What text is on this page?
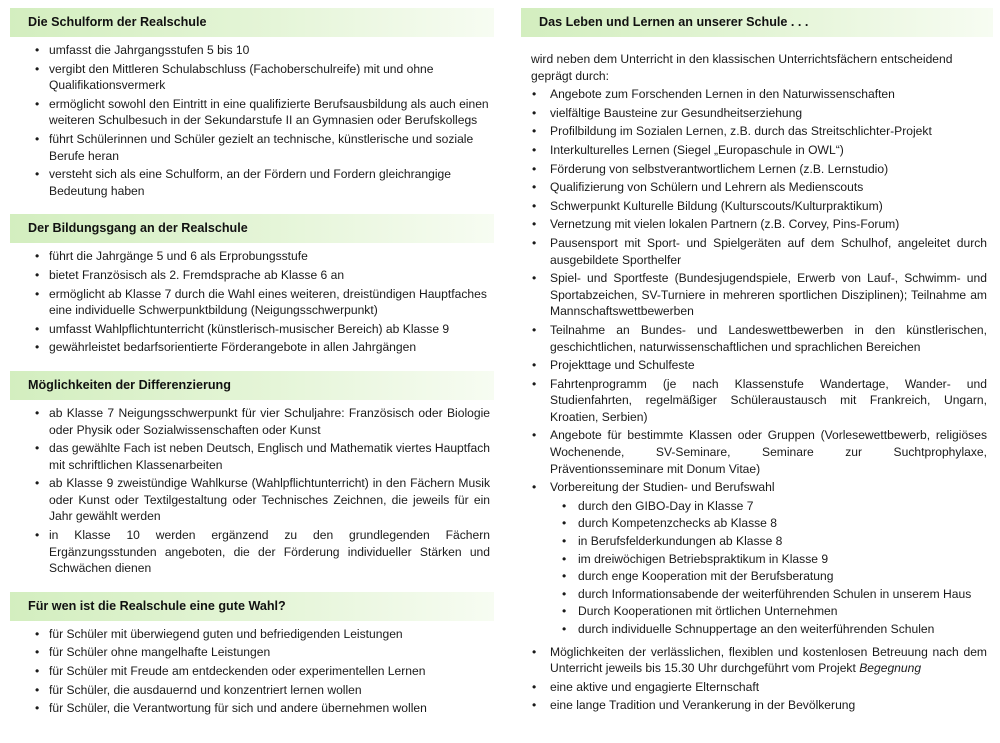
Die Schulform der Realschule
• umfasst die Jahrgangsstufen 5 bis 10
• vergibt den Mittleren Schulabschluss (Fachoberschulreife) mit und ohne Qualifikationsvermerk
• ermöglicht sowohl den Eintritt in eine qualifizierte Berufsausbildung als auch einen weiteren Schulbesuch in der Sekundarstufe II an Gymnasien oder Berufskollegs
• führt Schülerinnen und Schüler gezielt an technische, künstlerische und soziale Berufe heran
• versteht sich als eine Schulform, an der Fördern und Fordern gleichrangige Bedeutung haben
Der Bildungsgang an der Realschule
• führt die Jahrgänge 5 und 6 als Erprobungsstufe
• bietet Französisch als 2. Fremdsprache ab Klasse 6 an
• ermöglicht ab Klasse 7 durch die Wahl eines weiteren, dreistündigen Hauptfaches eine individuelle Schwerpunktbildung (Neigungsschwerpunkt)
• umfasst Wahlpflichtunterricht (künstlerisch-musischer Bereich) ab Klasse 9
• gewährleistet bedarfsorientierte Förderangebote in allen Jahrgängen
Möglichkeiten der Differenzierung
• ab Klasse 7 Neigungsschwerpunkt für vier Schuljahre: Französisch oder Biologie oder Physik oder Sozialwissenschaften oder Kunst
• das gewählte Fach ist neben Deutsch, Englisch und Mathematik viertes Hauptfach mit schriftlichen Klassenarbeiten
• ab Klasse 9 zweistündige Wahlkurse (Wahlpflichtunterricht) in den Fächern Musik oder Kunst oder Textilgestaltung oder Technisches Zeichnen, die jeweils für ein Jahr gewählt werden
• in Klasse 10 werden ergänzend zu den grundlegenden Fächern Ergänzungsstunden angeboten, die der Förderung individueller Stärken und Schwächen dienen
Für wen ist die Realschule eine gute Wahl?
• für Schüler mit überwiegend guten und befriedigenden Leistungen
• für Schüler ohne mangelhafte Leistungen
• für Schüler mit Freude am entdeckenden oder experimentellen Lernen
• für Schüler, die ausdauernd und konzentriert lernen wollen
• für Schüler, die Verantwortung für sich und andere übernehmen wollen
Das Leben und Lernen an unserer Schule . . .
wird neben dem Unterricht in den klassischen Unterrichtsfächern entscheidend geprägt durch:
• Angebote zum Forschenden Lernen in den Naturwissenschaften
• vielfältige Bausteine zur Gesundheitserziehung
• Profilbildung im Sozialen Lernen, z.B. durch das Streitschlichter-Projekt
• Interkulturelles Lernen (Siegel „Europaschule in OWL“)
• Förderung von selbstverantwortlichem Lernen (z.B. Lernstudio)
• Qualifizierung von Schülern und Lehrern als Medienscouts
• Schwerpunkt Kulturelle Bildung (Kulturscouts/Kulturpraktikum)
• Vernetzung mit vielen lokalen Partnern (z.B. Corvey, Pins-Forum)
• Pausensport mit Sport- und Spielgeräten auf dem Schulhof, angeleitet durch ausgebildete Sporthelfer
• Spiel- und Sportfeste (Bundesjugendspiele, Erwerb von Lauf-, Schwimm- und Sportabzeichen, SV-Turniere in mehreren sportlichen Disziplinen); Teilnahme am Mannschaftswettbewerben
• Teilnahme an Bundes- und Landeswettbewerben in den künstlerischen, geschichtlichen, naturwissenschaftlichen und sprachlichen Bereichen
• Projekttage und Schulfeste
• Fahrtenprogramm (je nach Klassenstufe Wandertage, Wander- und Studienfahrten, regelmäßiger Schüleraustausch mit Frankreich, Ungarn, Kroatien, Serbien)
• Angebote für bestimmte Klassen oder Gruppen (Vorlesewettbewerb, religiöses Wochenende, SV-Seminare, Seminare zur Suchtprophylaxe, Präventionsseminare mit Donum Vitae)
• Vorbereitung der Studien- und Berufswahl
• durch den GIBO-Day in Klasse 7
• durch Kompetenzchecks ab Klasse 8
• in Berufsfelderkundungen ab Klasse 8
• im dreiwöchigen Betriebspraktikum in Klasse 9
• durch enge Kooperation mit der Berufsberatung
• durch Informationsabende der weiterführenden Schulen in unserem Haus
• Durch Kooperationen mit örtlichen Unternehmen
• durch individuelle Schnuppertage an den weiterführenden Schulen
• Möglichkeiten der verlässlichen, flexiblen und kostenlosen Betreuung nach dem Unterricht jeweils bis 15.30 Uhr durchgeführt vom Projekt Begegnung
• eine aktive und engagierte Elternschaft
• eine lange Tradition und Verankerung in der Bevölkerung
